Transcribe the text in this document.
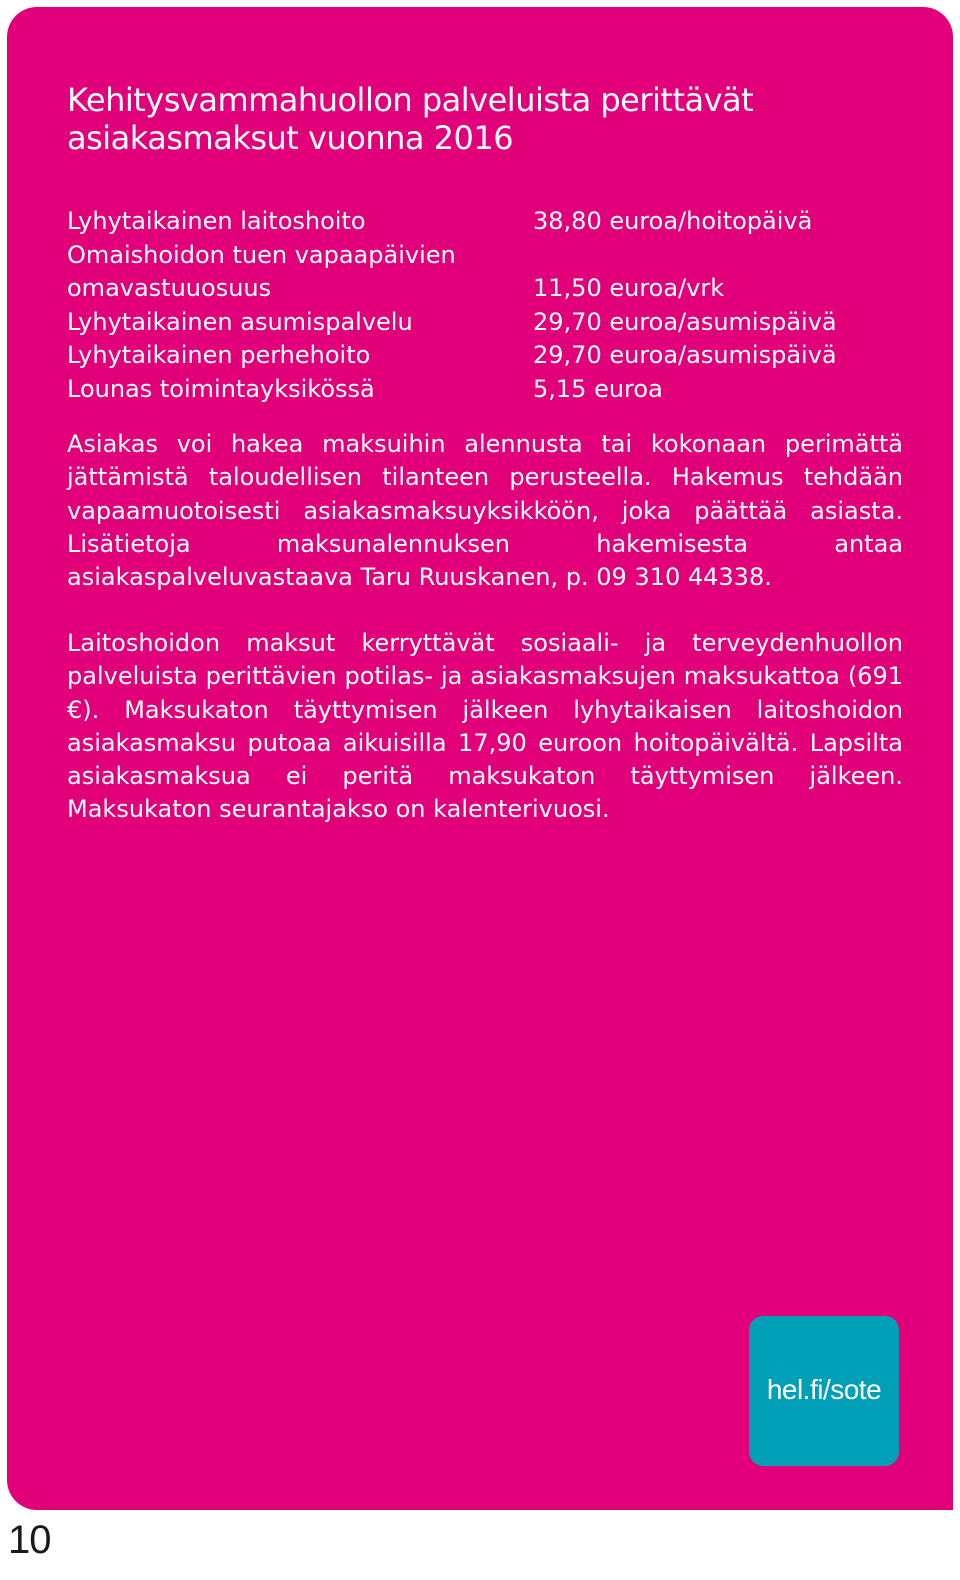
Kehitysvammahuollon palveluista perittävät
asiakasmaksut vuonna 2016
Lyhytaikainen laitoshoito	38,80 euroa/hoitopäivä
Omaishoidon tuen vapaapäivien
omavastuuosuus	11,50 euroa/vrk
Lyhytaikainen asumispalvelu	29,70 euroa/asumispäivä
Lyhytaikainen perhehoito	29,70 euroa/asumispäivä
Lounas toimintayksikössä	5,15 euroa

Asiakas voi hakea maksuihin alennusta tai kokonaan perimättä jättämistä taloudellisen tilanteen perusteella. Hakemus tehdään vapaamuotoisesti asiakasmaksuyksikköön, joka päättää asiasta. Lisätietoja maksunalennuksen hakemisesta antaa asiakaspalveluvastaava Taru Ruuskanen, p. 09 310 44338.

Laitoshoidon maksut kerryttävät sosiaali- ja terveydenhuollon palveluista perittävien potilas- ja asiakasmaksujen maksukattoa (691 €). Maksukaton täyttymisen jälkeen lyhytaikaisen laitoshoidon asiakasmaksu putoaa aikuisilla 17,90 euroon hoitopäivältä. Lapsilta asiakasmaksua ei peritä maksukaton täyttymisen jälkeen. Maksukaton seurantajakso on kalenterivuosi.

hel.fi/sote
10
